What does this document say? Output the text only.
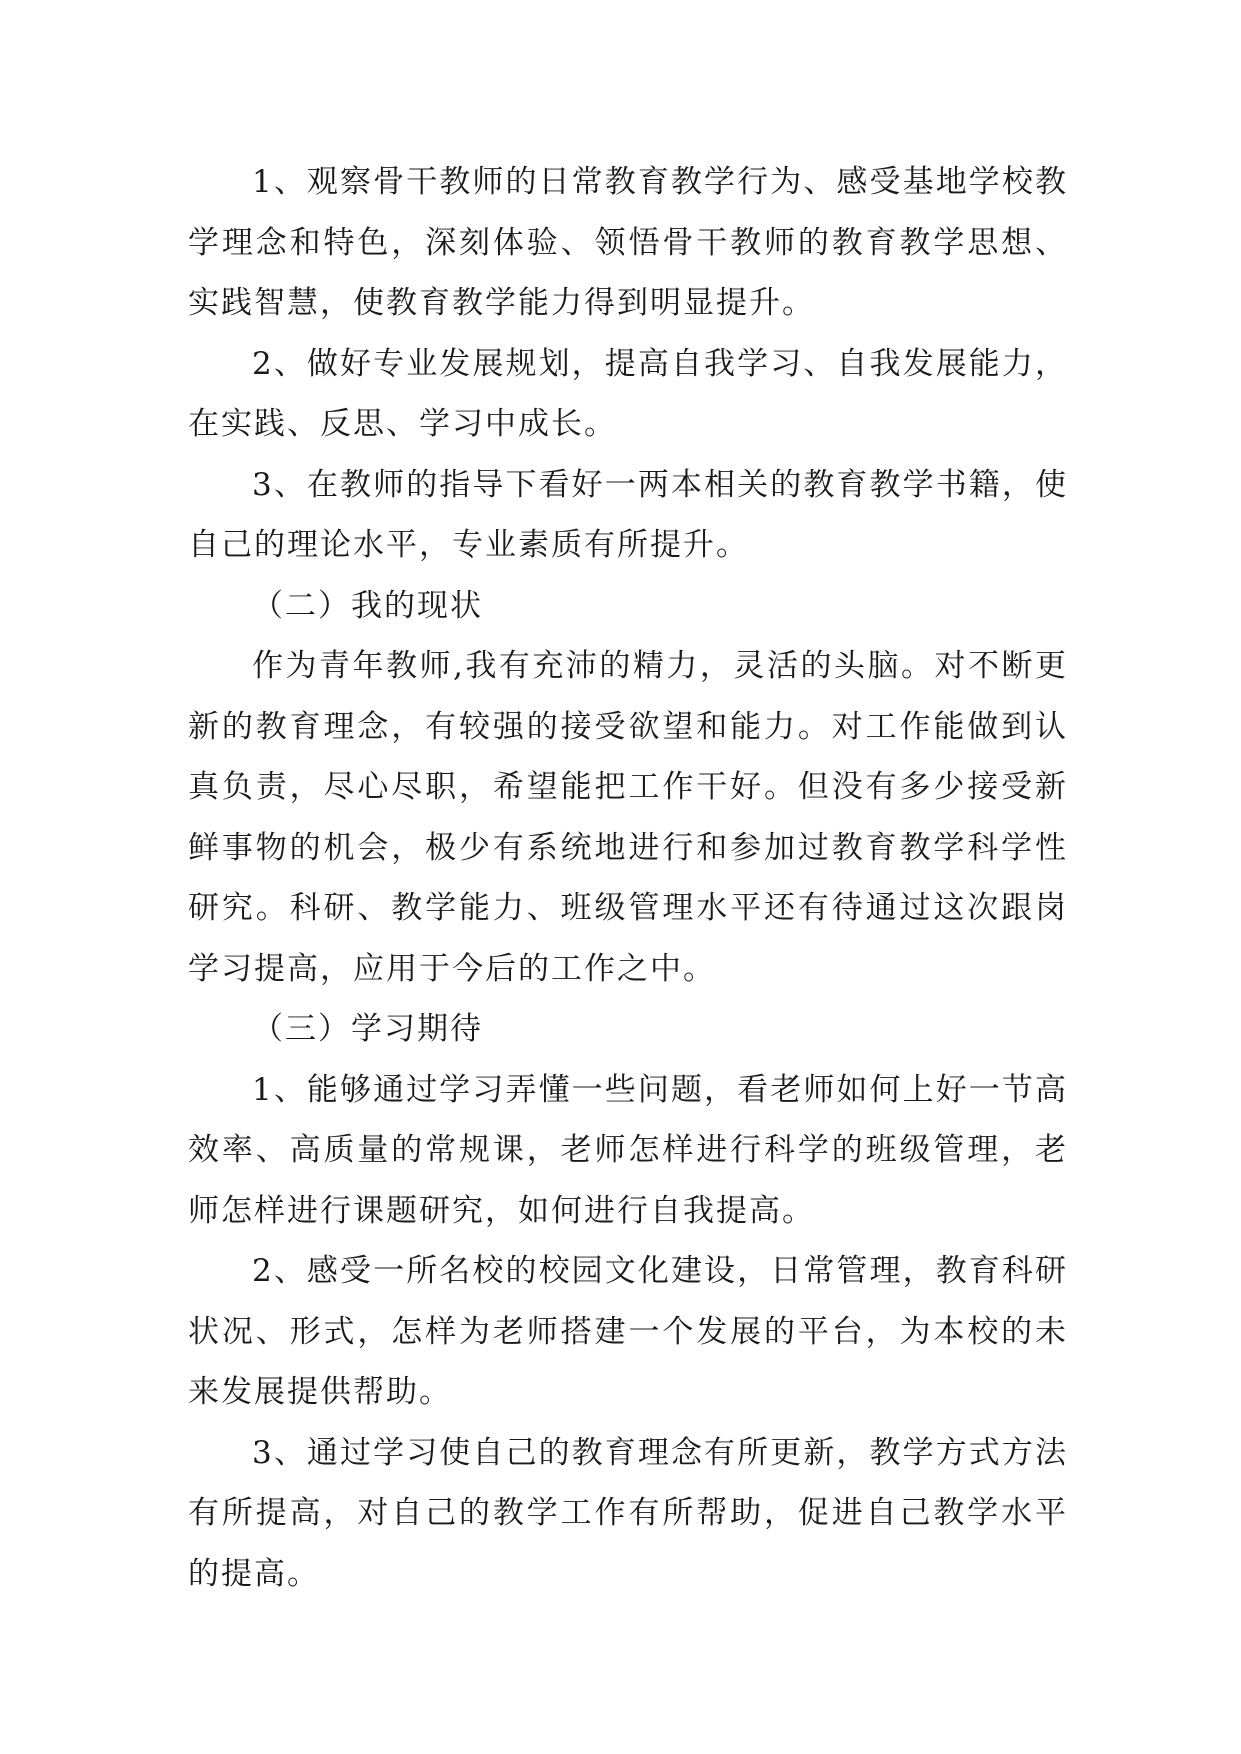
1、观察骨干教师的日常教育教学行为、感受基地学校教学理念和特色，深刻体验、领悟骨干教师的教育教学思想、实践智慧，使教育教学能力得到明显提升。

2、做好专业发展规划，提高自我学习、自我发展能力，在实践、反思、学习中成长。

3、在教师的指导下看好一两本相关的教育教学书籍，使自己的理论水平，专业素质有所提升。

（二）我的现状

作为青年教师,我有充沛的精力，灵活的头脑。对不断更新的教育理念，有较强的接受欲望和能力。对工作能做到认真负责，尽心尽职，希望能把工作干好。但没有多少接受新鲜事物的机会，极少有系统地进行和参加过教育教学科学性研究。科研、教学能力、班级管理水平还有待通过这次跟岗学习提高，应用于今后的工作之中。

（三）学习期待

1、能够通过学习弄懂一些问题，看老师如何上好一节高效率、高质量的常规课，老师怎样进行科学的班级管理，老师怎样进行课题研究，如何进行自我提高。

2、感受一所名校的校园文化建设，日常管理，教育科研状况、形式，怎样为老师搭建一个发展的平台，为本校的未来发展提供帮助。

3、通过学习使自己的教育理念有所更新，教学方式方法有所提高，对自己的教学工作有所帮助，促进自己教学水平的提高。
